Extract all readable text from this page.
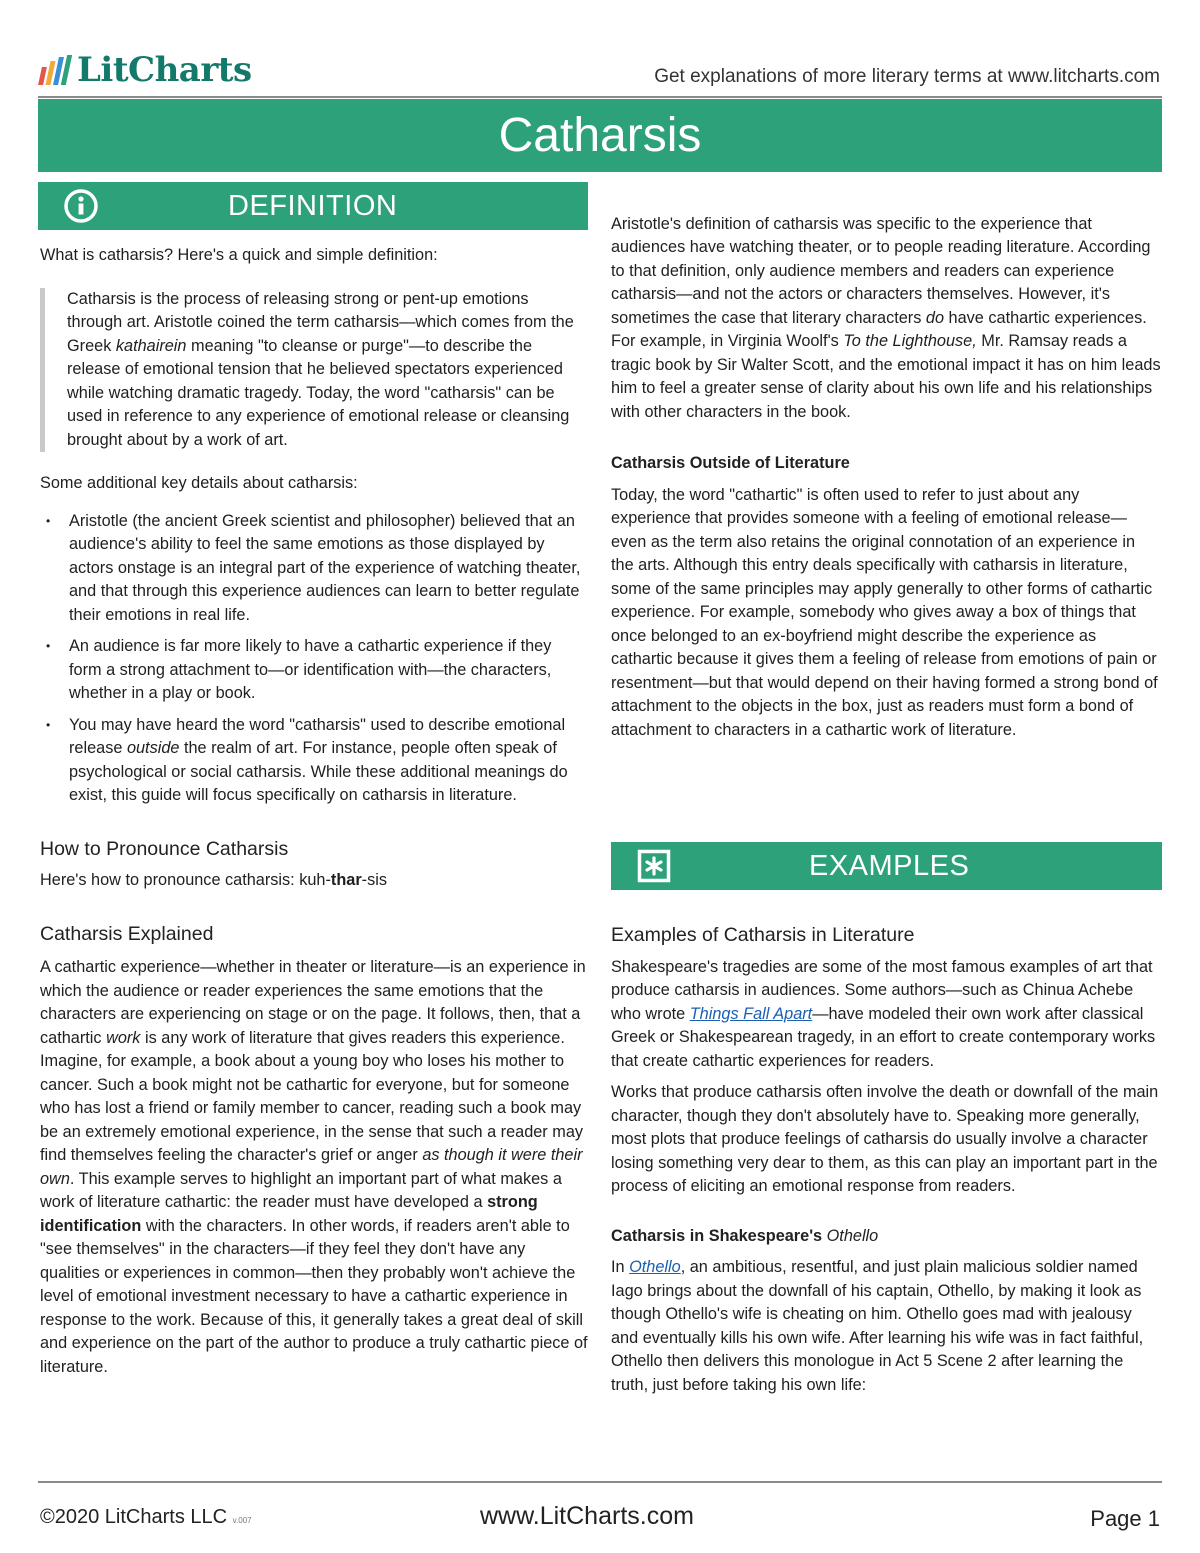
LitCharts	Get explanations of more literary terms at www.litcharts.com
Catharsis
DEFINITION

What is catharsis? Here's a quick and simple definition:

Catharsis is the process of releasing strong or pent-up emotions through art. Aristotle coined the term catharsis—which comes from the Greek kathairein meaning "to cleanse or purge"—to describe the release of emotional tension that he believed spectators experienced while watching dramatic tragedy. Today, the word "catharsis" can be used in reference to any experience of emotional release or cleansing brought about by a work of art.

Some additional key details about catharsis:

• Aristotle (the ancient Greek scientist and philosopher) believed that an audience's ability to feel the same emotions as those displayed by actors onstage is an integral part of the experience of watching theater, and that through this experience audiences can learn to better regulate their emotions in real life.
• An audience is far more likely to have a cathartic experience if they form a strong attachment to—or identification with—the characters, whether in a play or book.
• You may have heard the word "catharsis" used to describe emotional release outside the realm of art. For instance, people often speak of psychological or social catharsis. While these additional meanings do exist, this guide will focus specifically on catharsis in literature.
How to Pronounce Catharsis

Here's how to pronounce catharsis: kuh-thar-sis

Catharsis Explained

A cathartic experience—whether in theater or literature—is an experience in which the audience or reader experiences the same emotions that the characters are experiencing on stage or on the page. It follows, then, that a cathartic work is any work of literature that gives readers this experience. Imagine, for example, a book about a young boy who loses his mother to cancer. Such a book might not be cathartic for everyone, but for someone who has lost a friend or family member to cancer, reading such a book may be an extremely emotional experience, in the sense that such a reader may find themselves feeling the character's grief or anger as though it were their own. This example serves to highlight an important part of what makes a work of literature cathartic: the reader must have developed a strong identification with the characters. In other words, if readers aren't able to "see themselves" in the characters—if they feel they don't have any qualities or experiences in common—then they probably won't achieve the level of emotional investment necessary to have a cathartic experience in response to the work. Because of this, it generally takes a great deal of skill and experience on the part of the author to produce a truly cathartic piece of literature.

Aristotle's definition of catharsis was specific to the experience that audiences have watching theater, or to people reading literature. According to that definition, only audience members and readers can experience catharsis—and not the actors or characters themselves. However, it's sometimes the case that literary characters do have cathartic experiences. For example, in Virginia Woolf's To the Lighthouse, Mr. Ramsay reads a tragic book by Sir Walter Scott, and the emotional impact it has on him leads him to feel a greater sense of clarity about his own life and his relationships with other characters in the book.

Catharsis Outside of Literature

Today, the word "cathartic" is often used to refer to just about any experience that provides someone with a feeling of emotional release—even as the term also retains the original connotation of an experience in the arts. Although this entry deals specifically with catharsis in literature, some of the same principles may apply generally to other forms of cathartic experience. For example, somebody who gives away a box of things that once belonged to an ex-boyfriend might describe the experience as cathartic because it gives them a feeling of release from emotions of pain or resentment—but that would depend on their having formed a strong bond of attachment to the objects in the box, just as readers must form a bond of attachment to characters in a cathartic work of literature.

EXAMPLES
Examples of Catharsis in Literature

Shakespeare's tragedies are some of the most famous examples of art that produce catharsis in audiences. Some authors—such as Chinua Achebe who wrote Things Fall Apart—have modeled their own work after classical Greek or Shakespearean tragedy, in an effort to create contemporary works that create cathartic experiences for readers.

Works that produce catharsis often involve the death or downfall of the main character, though they don't absolutely have to. Speaking more generally, most plots that produce feelings of catharsis do usually involve a character losing something very dear to them, as this can play an important part in the process of eliciting an emotional response from readers.

Catharsis in Shakespeare's Othello

In Othello, an ambitious, resentful, and just plain malicious soldier named Iago brings about the downfall of his captain, Othello, by making it look as though Othello's wife is cheating on him. Othello goes mad with jealousy and eventually kills his own wife. After learning his wife was in fact faithful, Othello then delivers this monologue in Act 5 Scene 2 after learning the truth, just before taking his own life:

©2020 LitCharts LLC v.007	www.LitCharts.com	Page 1
